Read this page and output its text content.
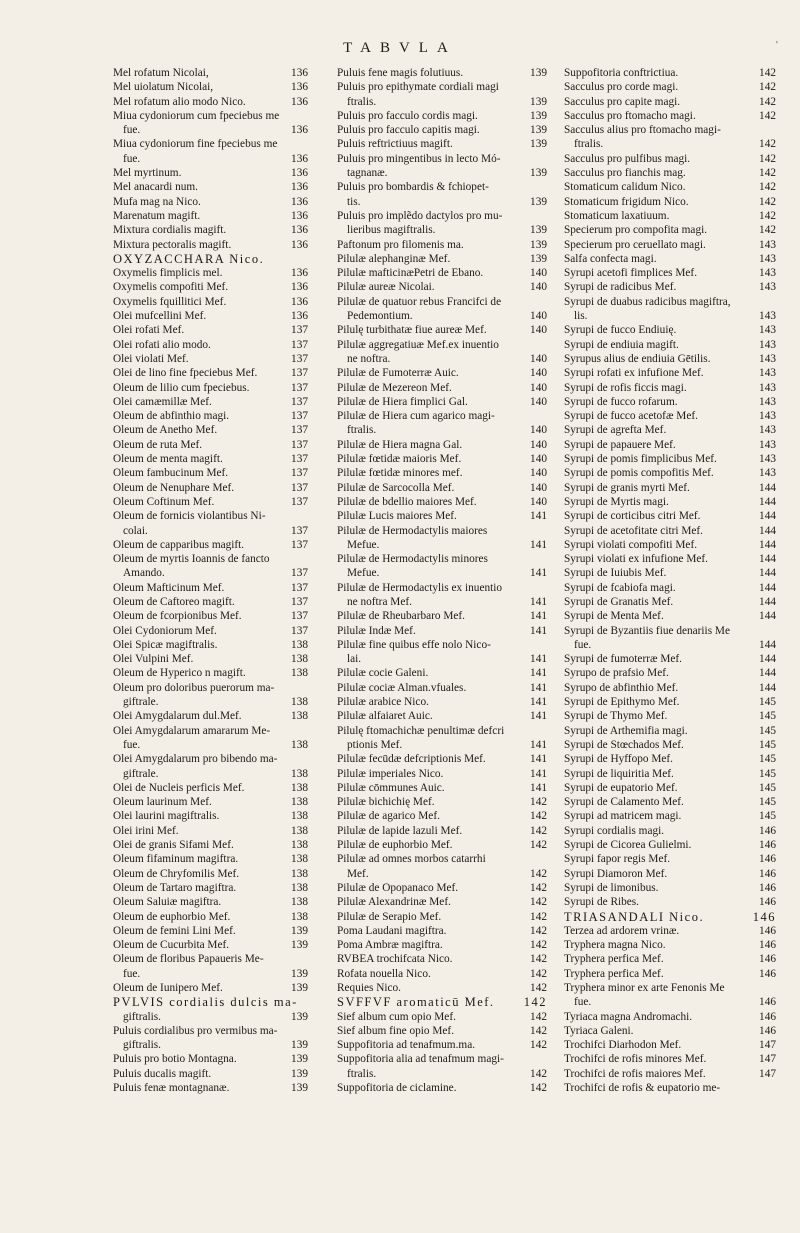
TABVLA	'
Mel rofatum Nicolai,	136
Mel uiolatum Nicolai,	136
Mel rofatum alio modo Nico.	136
Miua cydoniorum cum fpeciebus me
fue.	136
Miua cydoniorum fine fpeciebus me
fue.	136
Mel myrtinum.	136
Mel anacardi num.	136
Mufa mag na Nico.	136
Marenatum magift.	136
Mixtura cordialis magift.	136
Mixtura pectoralis magift.	136
OXYZACCHARA Nico.
Oxymelis fimplicis mel.	136
Oxymelis compofiti Mef.	136
Oxymelis fquillitici Mef.	136
Olei mufcellini Mef.	136
Olei rofati Mef.	137
Olei rofati alio modo.	137
Olei violati Mef.	137
Olei de lino fine fpeciebus Mef.	137
Oleum de lilio cum fpeciebus.	137
Olei camæmillæ Mef.	137
Oleum de abfinthio magi.	137
Oleum de Anetho Mef.	137
Oleum de ruta Mef.	137
Oleum de menta magift.	137
Oleum fambucinum Mef.	137
Oleum de Nenuphare Mef.	137
Oleum Coftinum Mef.	137
Oleum de fornicis violantibus Ni-
colai.	137
Oleum de capparibus magift.	137
Oleum de myrtis Ioannis de fancto
Amando.	137
Oleum Mafticinum Mef.	137
Oleum de Caftoreo magift.	137
Oleum de fcorpionibus Mef.	137
Olei Cydoniorum Mef.	137
Olei Spicæ magiftralis.	138
Olei Vulpini Mef.	138
Oleum de Hyperico n magift.	138
Oleum pro doloribus puerorum ma-
giftrale.	138
Olei Amygdalarum dul.Mef.	138
Olei Amygdalarum amararum Me-
fue.	138
Olei Amygdalarum pro bibendo ma-
giftrale.	138
Olei de Nucleis perficis Mef.	138
Oleum laurinum Mef.	138
Olei laurini magiftralis.	138
Olei irini Mef.	138
Olei de granis Sifami Mef.	138
Oleum fifaminum magiftra.	138
Oleum de Chryfomilis Mef.	138
Oleum de Tartaro magiftra.	138
Oleum Saluiæ magiftra.	138
Oleum de euphorbio Mef.	138
Oleum de femini Lini Mef.	139
Oleum de Cucurbita Mef.	139
Oleum de floribus Papaueris Me-
fue.	139
Oleum de Iunipero Mef.	139
PVLVIS cordialis dulcis ma-
giftralis.	139
Puluis cordialibus pro vermibus ma-
giftralis.	139
Puluis pro botio Montagna.	139
Puluis ducalis magift.	139
Puluis fenæ montagnanæ.	139
Puluis fene magis folutiuus.	139
Puluis pro epithymate cordiali magi
ftralis.	139
Puluis pro facculo cordis magi.	139
Puluis pro facculo capitis magi.	139
Puluis reftrictiuus magift.	139
Puluis pro mingentibus in lecto Mó-
tagnanæ.	139
Puluis pro bombardis & fchiopet-
tis.	139
Puluis pro implẽdo dactylos pro mu-
lieribus magiftralis.	139
Paftonum pro filomenis ma.	139
Pilulæ alephanginæ Mef.	139
Pilulæ mafticinæPetri de Ebano.	140
Pilulæ aureæ Nicolai.	140
Pilulæ de quatuor rebus Francifci de
Pedemontium.	140
Pilulę turbithatæ fiue aureæ Mef.	140
Pilulæ aggregatiuæ Mef.ex inuentio
ne noftra.	140
Pilulæ de Fumoterræ Auic.	140
Pilulæ de Mezereon Mef.	140
Pilulæ de Hiera fimplici Gal.	140
Pilulæ de Hiera cum agarico magi-
ftralis.	140
Pilulæ de Hiera magna Gal.	140
Pilulæ fœtidæ maioris Mef.	140
Pilulæ fœtidæ minores mef.	140
Pilulæ de Sarcocolla Mef.	140
Pilulæ de bdellio maiores Mef.	140
Pilulæ Lucis maiores Mef.	141
Pilulæ de Hermodactylis maiores
Mefue.	141
Pilulæ de Hermodactylis minores
Mefue.	141
Pilulæ de Hermodactylis ex inuentio
ne noftra Mef.	141
Pilulæ de Rheubarbaro Mef.	141
Pilulæ Indæ Mef.	141
Pilulæ fine quibus effe nolo Nico-
lai.	141
Pilulæ cocie Galeni.	141
Pilulæ cociæ Alman.vfuales.	141
Pilulæ arabice Nico.	141
Pilulæ alfaiaret Auic.	141
Pilulę ftomachichæ penultimæ defcri
ptionis Mef.	141
Pilulæ fecūdæ defcriptionis Mef.	141
Pilulæ imperiales Nico.	141
Pilulæ cōmmunes Auic.	141
Pilulæ bichichię Mef.	142
Pilulæ de agarico Mef.	142
Pilulæ de lapide lazuli Mef.	142
Pilulæ de euphorbio Mef.	142
Pilulæ ad omnes morbos catarrhi
Mef.	142
Pilulæ de Opopanaco Mef.	142
Pilulæ Alexandrinæ Mef.	142
Pilulæ de Serapio Mef.	142
Poma Laudani magiftra.	142
Poma Ambræ magiftra.	142
RVBEA trochifcata Nico.	142
Rofata nouella Nico.	142
Requies Nico.	142
SVFFVF aromaticū Mef.	142
Sief album cum opio Mef.	142
Sief album fine opio Mef.	142
Suppofitoria ad tenafmum.ma.	142
Suppofitoria alia ad tenafmum magi-
ftralis.	142
Suppofitoria de ciclamine.	142
Suppofitoria conftrictiua.	142
Sacculus pro corde magi.	142
Sacculus pro capite magi.	142
Sacculus pro ftomacho magi.	142
Sacculus alius pro ftomacho magi-
ftralis.	142
Sacculus pro pulfibus magi.	142
Sacculus pro fianchis mag.	142
Stomaticum calidum Nico.	142
Stomaticum frigidum Nico.	142
Stomaticum laxatiuum.	142
Specierum pro compofita magi.	142
Specierum pro ceruellato magi.	143
Salfa confecta magi.	143
Syrupi acetofi fimplices Mef.	143
Syrupi de radicibus Mef.	143
Syrupi de duabus radicibus magiftra,
lis.	143
Syrupi de fucco Endiuię.	143
Syrupi de endiuia magift.	143
Syrupus alius de endiuia Gētilis.	143
Syrupi rofati ex infufione Mef.	143
Syrupi de rofis ficcis magi.	143
Syrupi de fucco rofarum.	143
Syrupi de fucco acetofæ Mef.	143
Syrupi de agrefta Mef.	143
Syrupi de papauere Mef.	143
Syrupi de pomis fimplicibus Mef.	143
Syrupi de pomis compofitis Mef.	143
Syrupi de granis myrti Mef.	144
Syrupi de Myrtis magi.	144
Syrupi de corticibus citri Mef.	144
Syrupi de acetofitate citri Mef.	144
Syrupi violati compofiti Mef.	144
Syrupi violati ex infufione Mef.	144
Syrupi de Iuiubis Mef.	144
Syrupi de fcabiofa magi.	144
Syrupi de Granatis Mef.	144
Syrupi de Menta Mef.	144
Syrupi de Byzantiis fiue denariis Me
fue.	144
Syrupi de fumoterræ Mef.	144
Syrupo de prafsio Mef.	144
Syrupo de abfinthio Mef.	144
Syrupi de Epithymo Mef.	145
Syrupi de Thymo Mef.	145
Syrupi de Arthemifia magi.	145
Syrupi de Stœchados Mef.	145
Syrupi de Hyffopo Mef.	145
Syrupi de liquiritia Mef.	145
Syrupi de eupatorio Mef.	145
Syrupi de Calamento Mef.	145
Syrupi ad matricem magi.	145
Syrupi cordialis magi.	146
Syrupi de Cicorea Gulielmi.	146
Syrupi fapor regis Mef.	146
Syrupi Diamoron Mef.	146
Syrupi de limonibus.	146
Syrupi de Ribes.	146
TRIASANDALI Nico.	146
Terzea ad ardorem vrinæ.	146
Tryphera magna Nico.	146
Tryphera perfica Mef.	146
Tryphera perfica Mef.	146
Tryphera minor ex arte Fenonis Me
fue.	146
Tyriaca magna Andromachi.	146
Tyriaca Galeni.	146
Trochifci Diarhodon Mef.	147
Trochifci de rofis minores Mef.	147
Trochifci de rofis maiores Mef.	147
Trochifci de rofis & eupatorio me-
